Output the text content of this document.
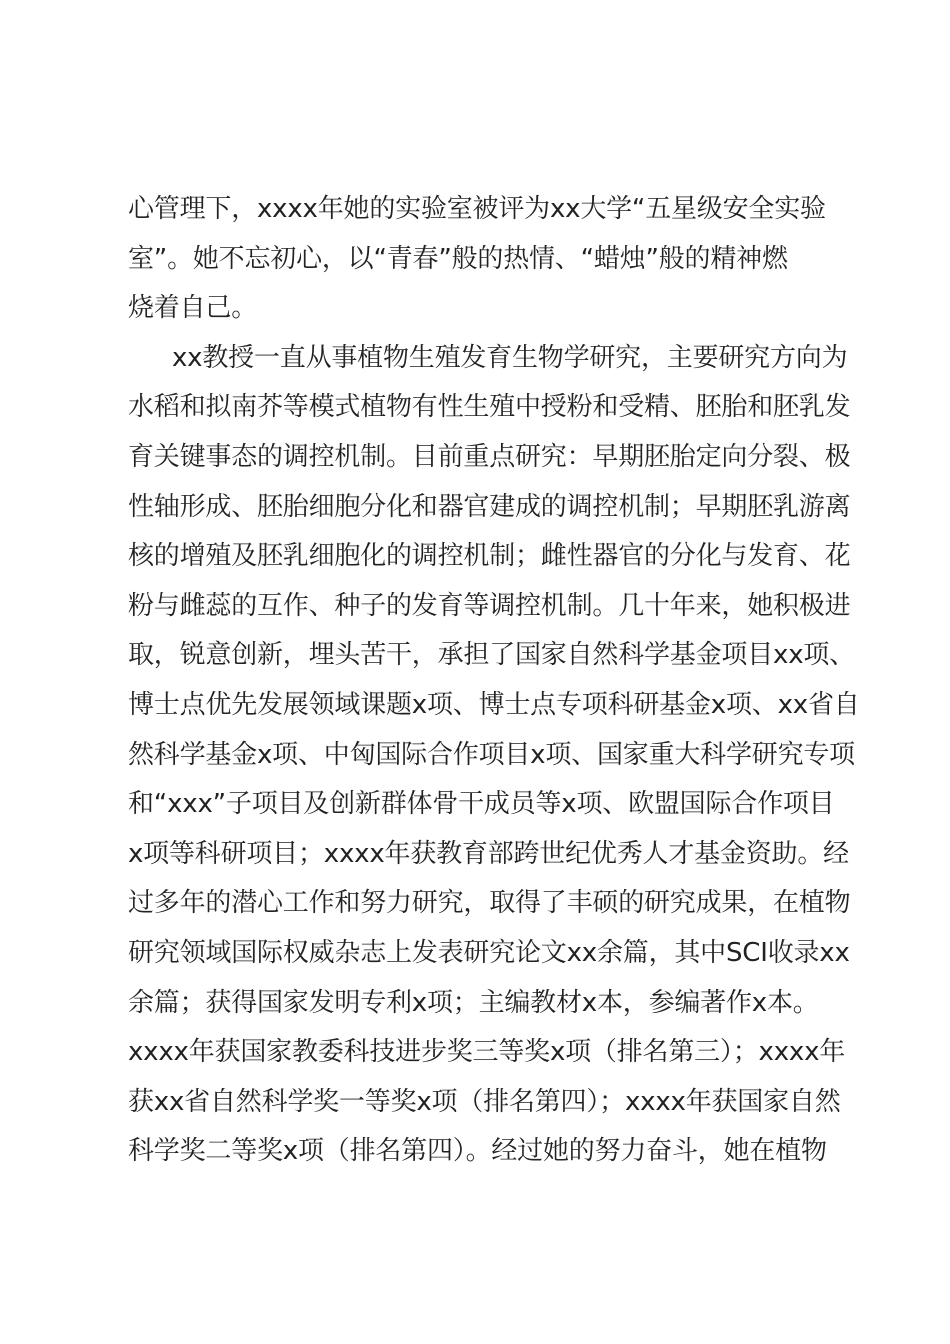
心管理下，xxxx年她的实验室被评为xx大学“五星级安全实验
室”。她不忘初心，以“青春”般的热情、“蜡烛”般的精神燃
烧着自己。
xx教授一直从事植物生殖发育生物学研究，主要研究方向为
水稻和拟南芥等模式植物有性生殖中授粉和受精、胚胎和胚乳发
育关键事态的调控机制。目前重点研究：早期胚胎定向分裂、极
性轴形成、胚胎细胞分化和器官建成的调控机制；早期胚乳游离
核的增殖及胚乳细胞化的调控机制；雌性器官的分化与发育、花
粉与雌蕊的互作、种子的发育等调控机制。几十年来，她积极进
取，锐意创新，埋头苦干，承担了国家自然科学基金项目xx项、
博士点优先发展领域课题x项、博士点专项科研基金x项、xx省自
然科学基金x项、中匈国际合作项目x项、国家重大科学研究专项
和“xxx”子项目及创新群体骨干成员等x项、欧盟国际合作项目
x项等科研项目；xxxx年获教育部跨世纪优秀人才基金资助。经
过多年的潜心工作和努力研究，取得了丰硕的研究成果，在植物
研究领域国际权威杂志上发表研究论文xx余篇，其中SCI收录xx
余篇；获得国家发明专利x项；主编教材x本，参编著作x本。
xxxx年获国家教委科技进步奖三等奖x项（排名第三）；xxxx年
获xx省自然科学奖一等奖x项（排名第四）；xxxx年获国家自然
科学奖二等奖x项（排名第四）。经过她的努力奋斗，她在植物
